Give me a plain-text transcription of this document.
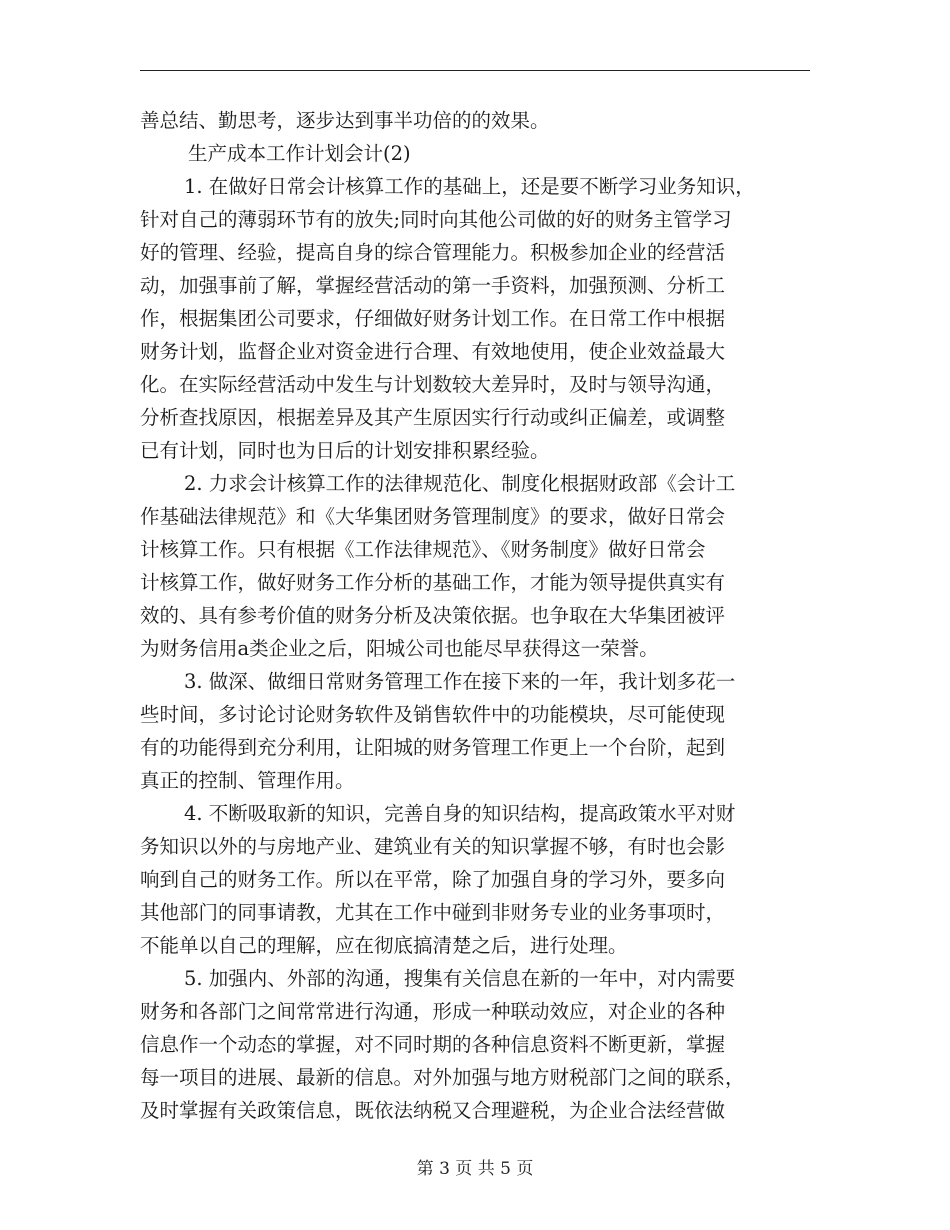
善总结、勤思考，逐步达到事半功倍的的效果。
生产成本工作计划会计(2)
1. 在做好日常会计核算工作的基础上，还是要不断学习业务知识，
针对自己的薄弱环节有的放失;同时向其他公司做的好的财务主管学习
好的管理、经验，提高自身的综合管理能力。积极参加企业的经营活
动，加强事前了解，掌握经营活动的第一手资料，加强预测、分析工
作，根据集团公司要求，仔细做好财务计划工作。在日常工作中根据
财务计划，监督企业对资金进行合理、有效地使用，使企业效益最大
化。在实际经营活动中发生与计划数较大差异时，及时与领导沟通，
分析查找原因，根据差异及其产生原因实行行动或纠正偏差，或调整
已有计划，同时也为日后的计划安排积累经验。
2. 力求会计核算工作的法律规范化、制度化根据财政部《会计工
作基础法律规范》和《大华集团财务管理制度》的要求，做好日常会
计核算工作。只有根据《工作法律规范》、《财务制度》做好日常会
计核算工作，做好财务工作分析的基础工作，才能为领导提供真实有
效的、具有参考价值的财务分析及决策依据。也争取在大华集团被评
为财务信用a类企业之后，阳城公司也能尽早获得这一荣誉。
3. 做深、做细日常财务管理工作在接下来的一年，我计划多花一
些时间，多讨论讨论财务软件及销售软件中的功能模块，尽可能使现
有的功能得到充分利用，让阳城的财务管理工作更上一个台阶，起到
真正的控制、管理作用。
4. 不断吸取新的知识，完善自身的知识结构，提高政策水平对财
务知识以外的与房地产业、建筑业有关的知识掌握不够，有时也会影
响到自己的财务工作。所以在平常，除了加强自身的学习外，要多向
其他部门的同事请教，尤其在工作中碰到非财务专业的业务事项时，
不能单以自己的理解，应在彻底搞清楚之后，进行处理。
5. 加强内、外部的沟通，搜集有关信息在新的一年中，对内需要
财务和各部门之间常常进行沟通，形成一种联动效应，对企业的各种
信息作一个动态的掌握，对不同时期的各种信息资料不断更新，掌握
每一项目的进展、最新的信息。对外加强与地方财税部门之间的联系，
及时掌握有关政策信息，既依法纳税又合理避税，为企业合法经营做
第 3 页 共 5 页
